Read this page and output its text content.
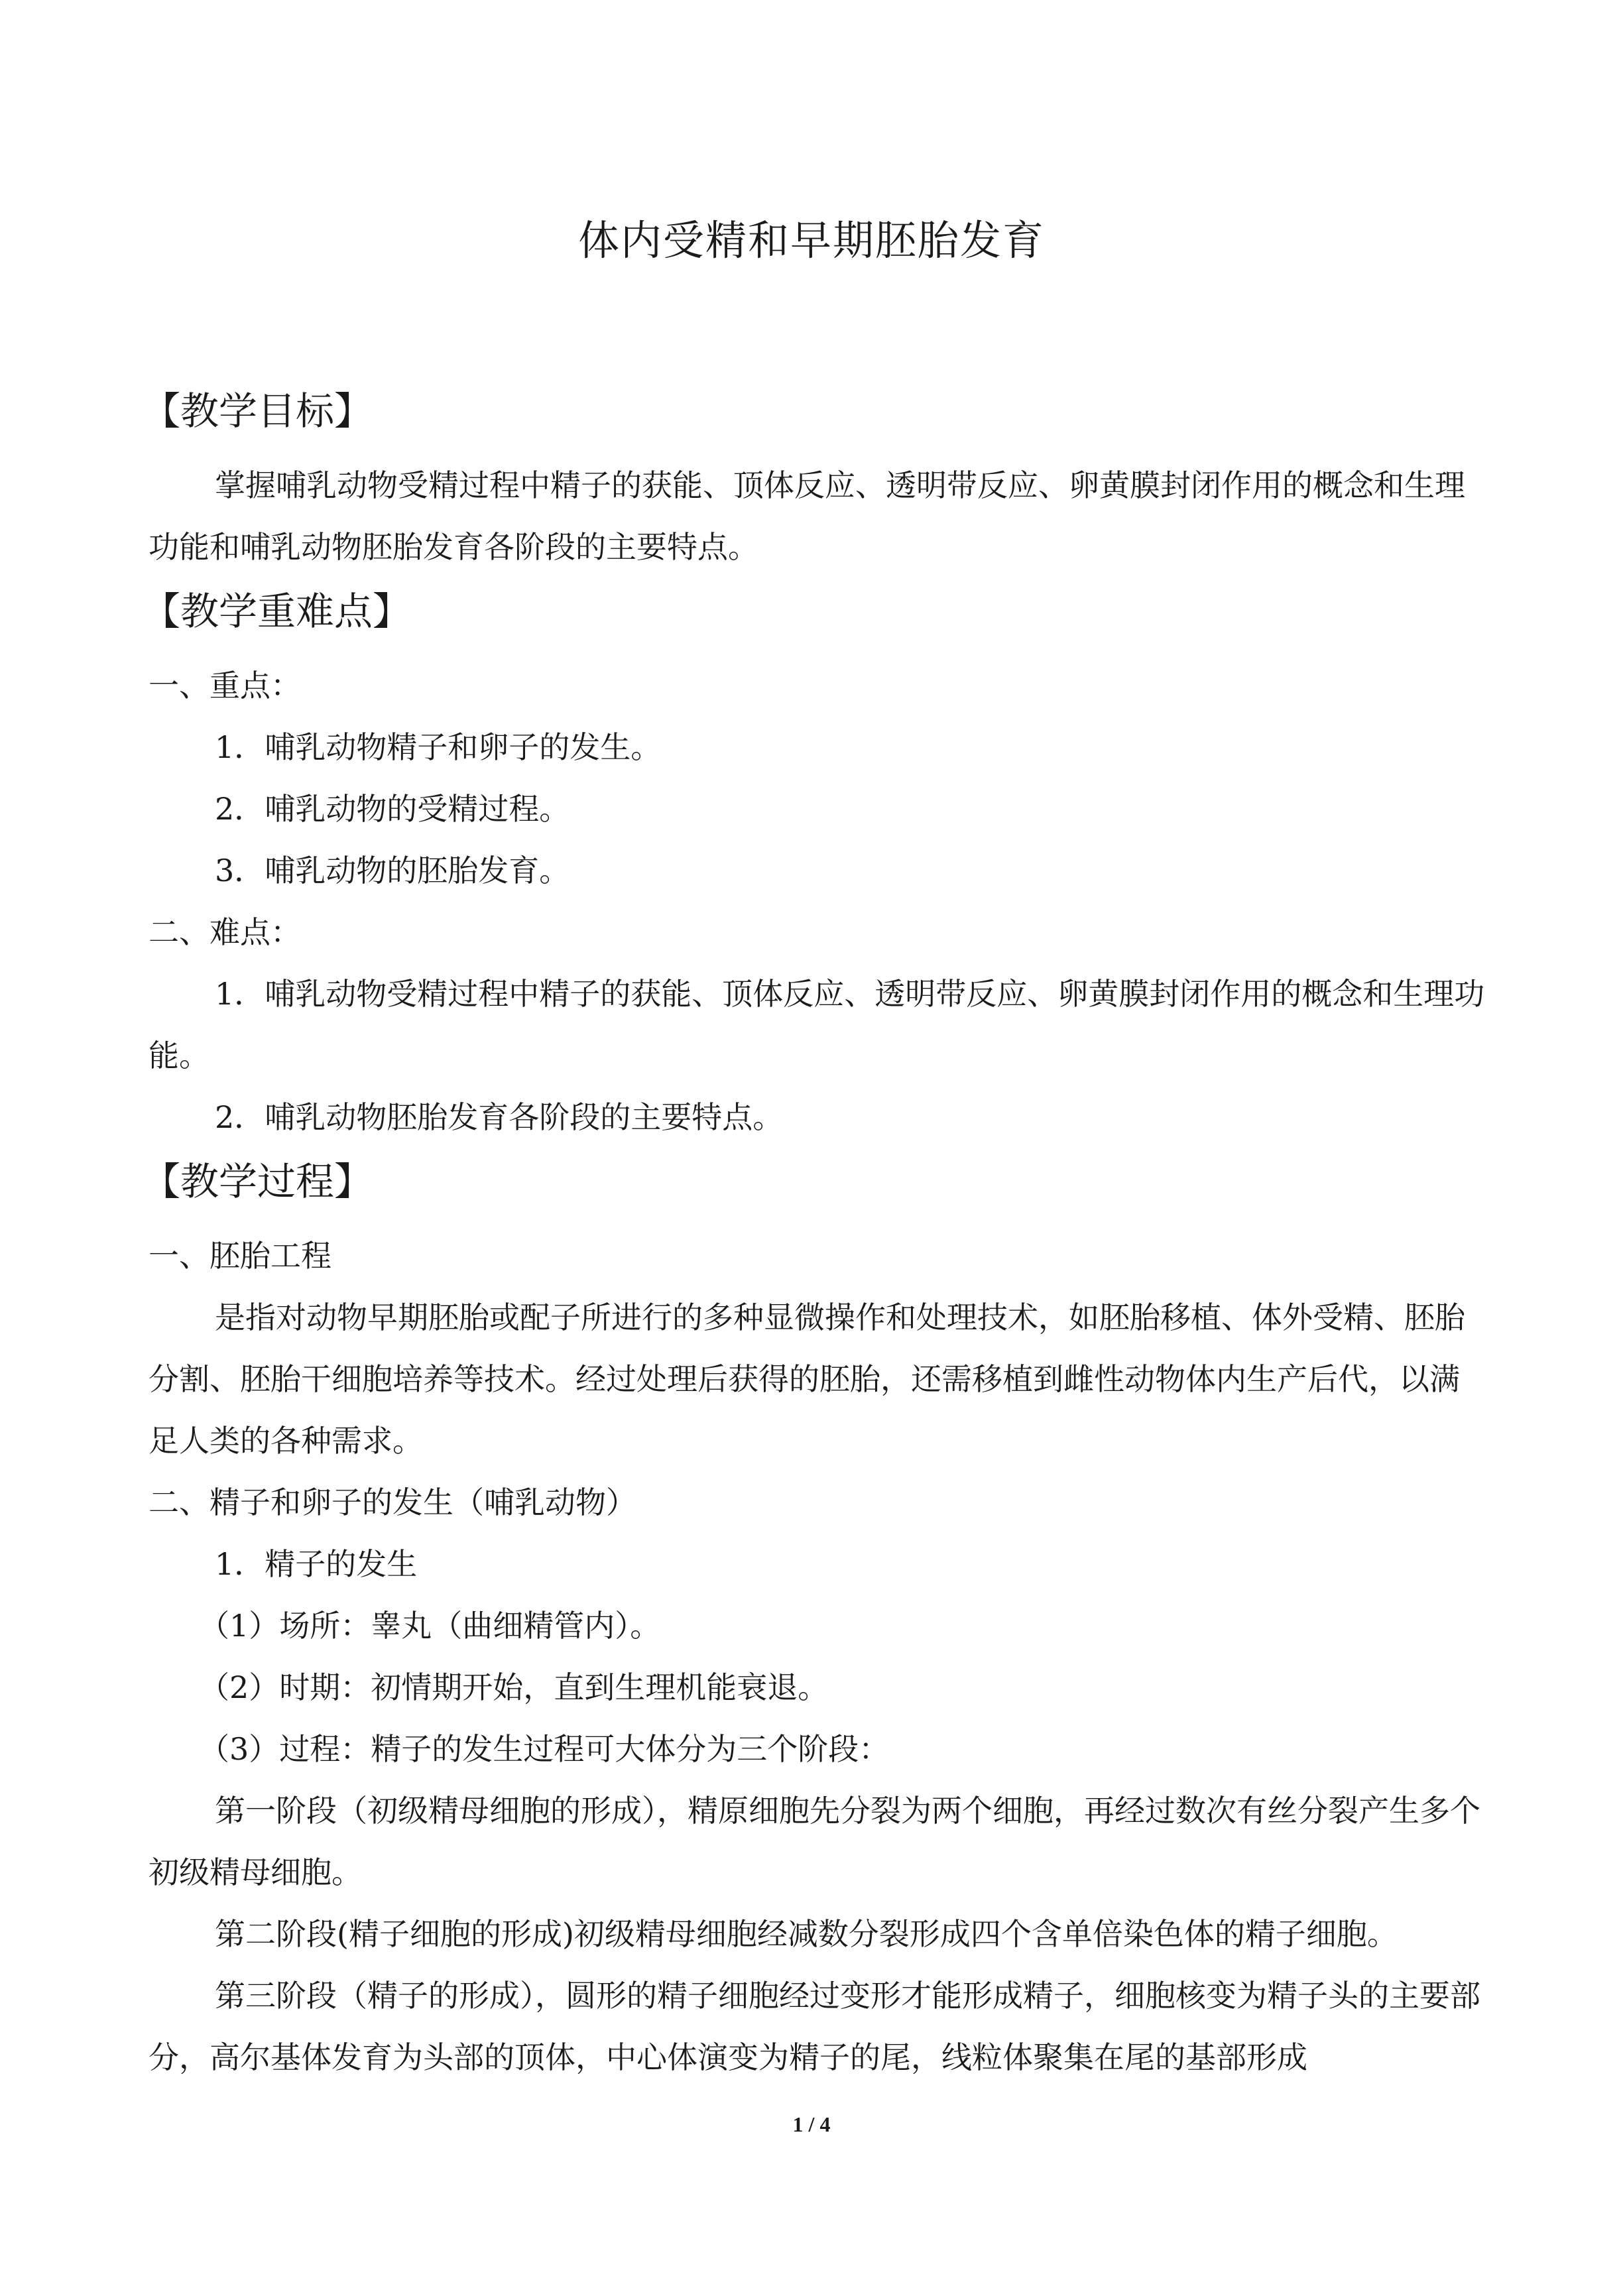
体内受精和早期胚胎发育
【教学目标】

掌握哺乳动物受精过程中精子的获能、顶体反应、透明带反应、卵黄膜封闭作用的概念和生理功能和哺乳动物胚胎发育各阶段的主要特点。

【教学重难点】

一、重点：

1．哺乳动物精子和卵子的发生。

2．哺乳动物的受精过程。

3．哺乳动物的胚胎发育。

二、难点：

1．哺乳动物受精过程中精子的获能、顶体反应、透明带反应、卵黄膜封闭作用的概念和生理功能。

2．哺乳动物胚胎发育各阶段的主要特点。

【教学过程】

一、胚胎工程

是指对动物早期胚胎或配子所进行的多种显微操作和处理技术，如胚胎移植、体外受精、胚胎分割、胚胎干细胞培养等技术。经过处理后获得的胚胎，还需移植到雌性动物体内生产后代，以满足人类的各种需求。

二、精子和卵子的发生（哺乳动物）

1．精子的发生

（1）场所：睾丸（曲细精管内）。

（2）时期：初情期开始，直到生理机能衰退。

（3）过程：精子的发生过程可大体分为三个阶段：

第一阶段（初级精母细胞的形成），精原细胞先分裂为两个细胞，再经过数次有丝分裂产生多个初级精母细胞。

第二阶段(精子细胞的形成)初级精母细胞经减数分裂形成四个含单倍染色体的精子细胞。

第三阶段（精子的形成），圆形的精子细胞经过变形才能形成精子，细胞核变为精子头的主要部分，高尔基体发育为头部的顶体，中心体演变为精子的尾，线粒体聚集在尾的基部形成

1 / 4
